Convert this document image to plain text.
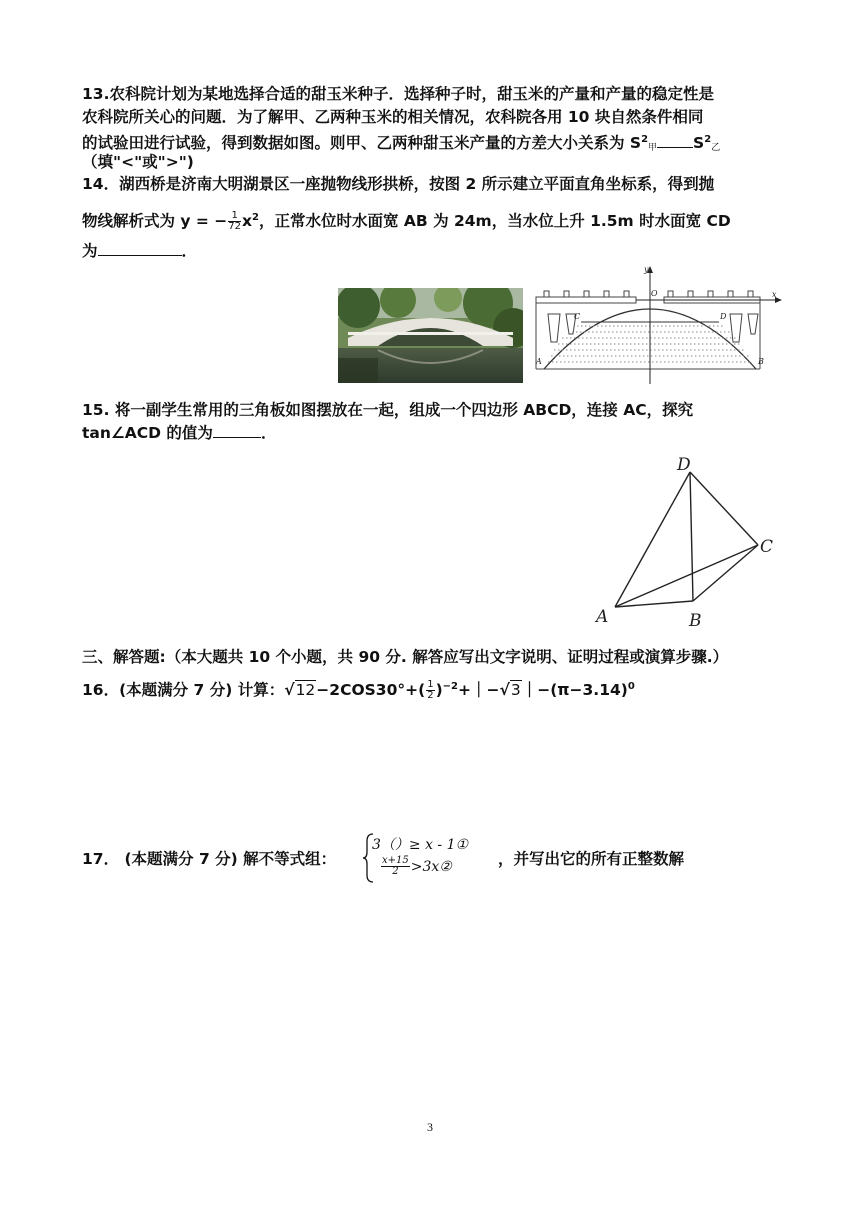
13.农科院计划为某地选择合适的甜玉米种子．选择种子时，甜玉米的产量和产量的稳定性是
农科院所关心的问题．为了解甲、乙两种玉米的相关情况，农科院各用 10 块自然条件相同
的试验田进行试验，得到数据如图。则甲、乙两种甜玉米产量的方差大小关系为 $S^2_甲$ $S^2_乙$
（填"<"或">")
14．湖西桥是济南大明湖景区一座抛物线形拱桥，按图 2 所示建立平面直角坐标系，得到抛
物线解析式为 y = − $\frac{1}{72} x^2$，正常水位时水面宽 AB 为 24m，当水位上升 1.5m 时水面宽 CD
为	．
y
x
O
C	D
A	B
15. 将一副学生常用的三角板如图摆放在一起，组成一个四边形 ABCD，连接 AC，探究
tan∠ACD 的值为	．
D
C
A	B
三、解答题:（本大题共 10 个小题，共 90 分. 解答应写出文字说明、证明过程或演算步骤.）
16．(本题满分 7 分) 计算：$√12-2COS30^\circ+( \frac{1}{2}$ )$^{-2}+|-√3|-(\pi-3.14)^0$
17． (本题满分 7 分) 解不等式组：
3（）≥ x - 1①
$\frac{x+15}{2}$ >3x②	，并写出它的所有正整数解
3
